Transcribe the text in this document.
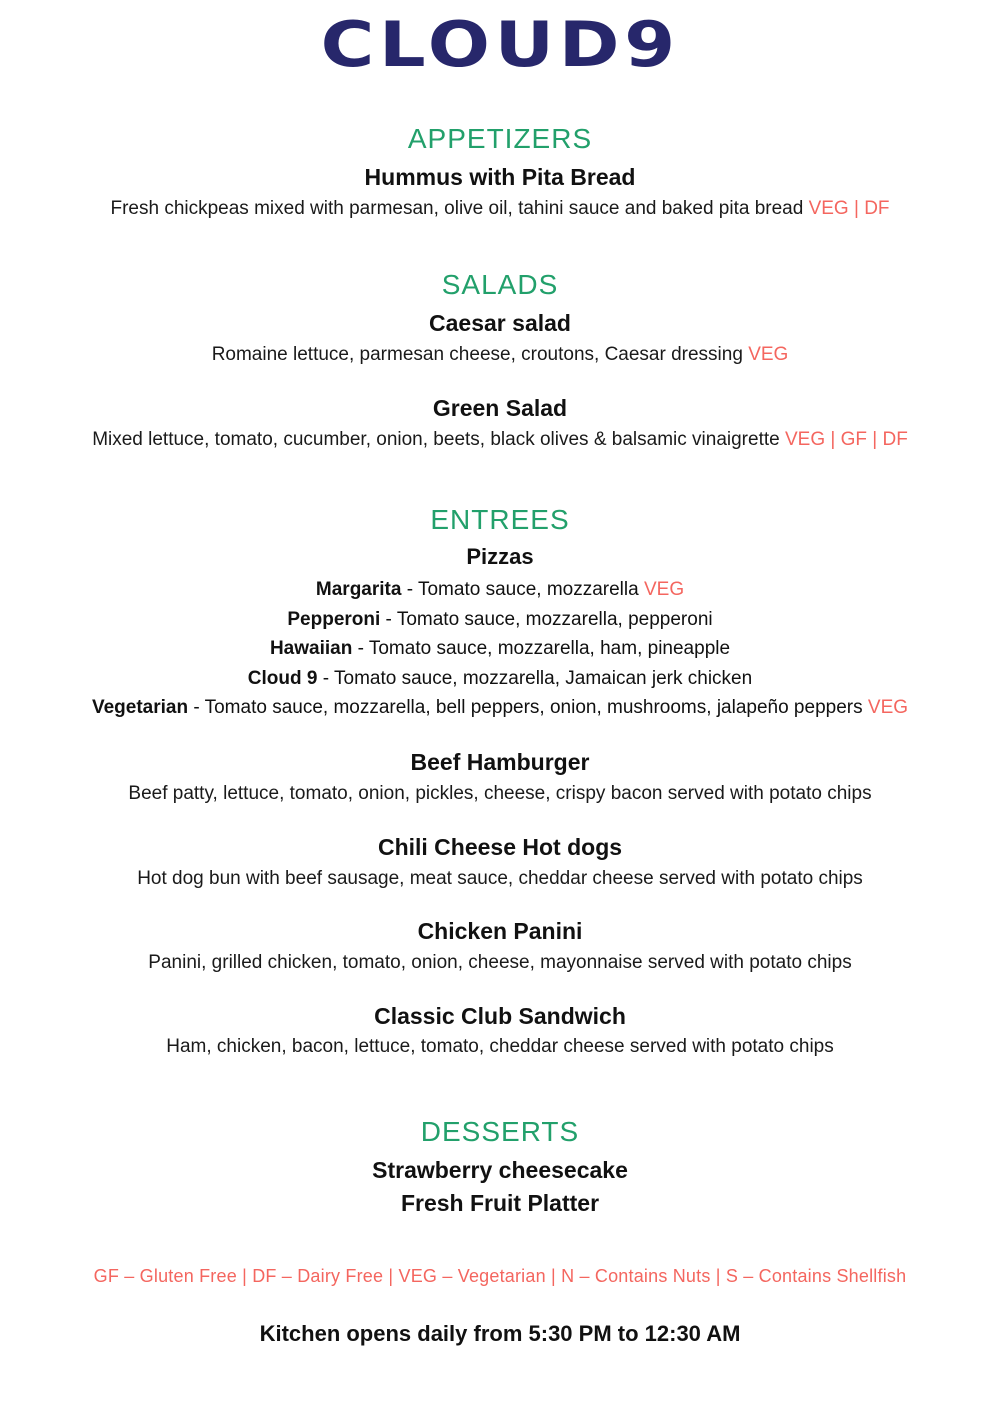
CLOUD9
APPETIZERS
Hummus with Pita Bread
Fresh chickpeas mixed with parmesan, olive oil, tahini sauce and baked pita bread VEG | DF
SALADS
Caesar salad
Romaine lettuce, parmesan cheese, croutons, Caesar dressing VEG
Green Salad
Mixed lettuce, tomato, cucumber, onion, beets, black olives & balsamic vinaigrette VEG | GF | DF
ENTREES
Pizzas
Margarita - Tomato sauce, mozzarella VEG
Pepperoni - Tomato sauce, mozzarella, pepperoni
Hawaiian - Tomato sauce, mozzarella, ham, pineapple
Cloud 9 - Tomato sauce, mozzarella, Jamaican jerk chicken
Vegetarian - Tomato sauce, mozzarella, bell peppers, onion, mushrooms, jalapeño peppers VEG
Beef Hamburger
Beef patty, lettuce, tomato, onion, pickles, cheese, crispy bacon served with potato chips
Chili Cheese Hot dogs
Hot dog bun with beef sausage, meat sauce, cheddar cheese served with potato chips
Chicken Panini
Panini, grilled chicken, tomato, onion, cheese, mayonnaise served with potato chips
Classic Club Sandwich
Ham, chicken, bacon, lettuce, tomato, cheddar cheese served with potato chips
DESSERTS
Strawberry cheesecake
Fresh Fruit Platter
GF – Gluten Free | DF – Dairy Free | VEG – Vegetarian | N – Contains Nuts | S – Contains Shellfish
Kitchen opens daily from 5:30 PM to 12:30 AM
